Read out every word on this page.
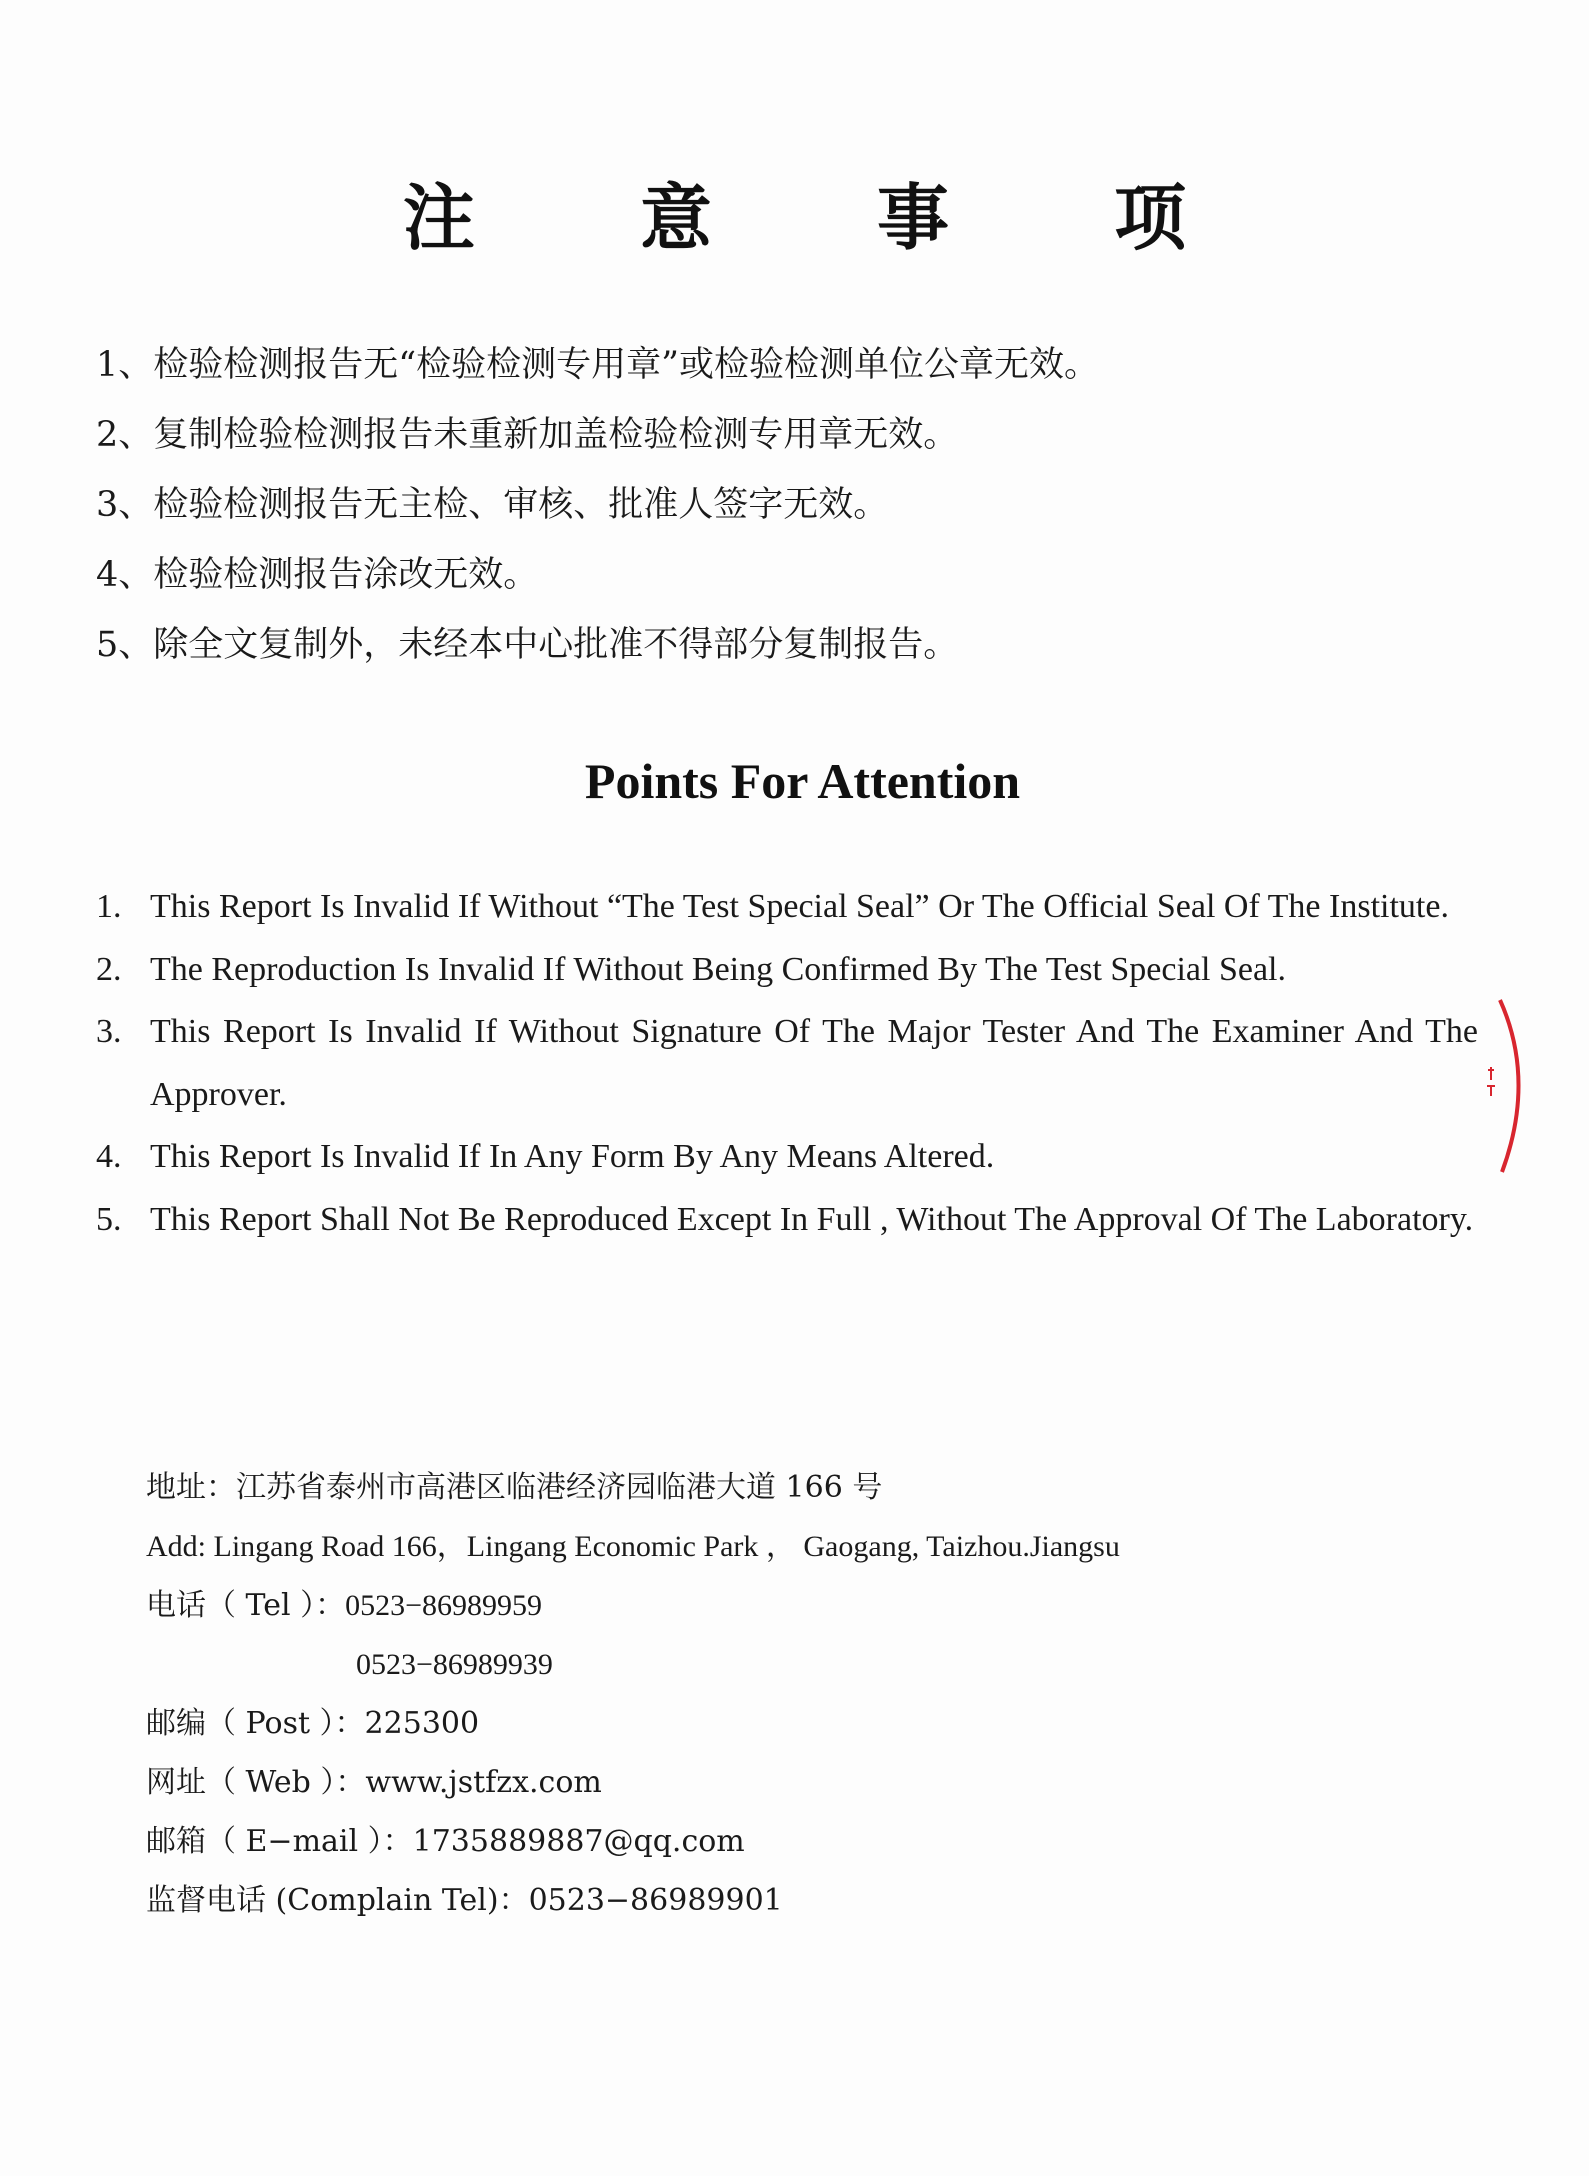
注 意 事 项
1、检验检测报告无“检验检测专用章”或检验检测单位公章无效。
2、复制检验检测报告未重新加盖检验检测专用章无效。
3、检验检测报告无主检、审核、批准人签字无效。
4、检验检测报告涂改无效。
5、除全文复制外，未经本中心批准不得部分复制报告。
Points For Attention
1. This Report Is Invalid If Without “The Test Special Seal” Or The Official Seal Of The Institute.
2. The Reproduction Is Invalid If Without Being Confirmed By The Test Special Seal.
3. This Report Is Invalid If Without Signature Of The Major Tester And The Examiner And The Approver.
4. This Report Is Invalid If In Any Form By Any Means Altered.
5. This Report Shall Not Be Reproduced Except In Full , Without The Approval Of The Laboratory.
地址：江苏省泰州市高港区临港经济园临港大道 166 号
Add: Lingang Road 166，Lingang Economic Park ， Gaogang, Taizhou.Jiangsu
电话（ Tel ）：0523−86989959
0523−86989939
邮编（ Post ）：225300
网址（ Web ）：www.jstfzx.com
邮箱（ E−mail ）：1735889887@qq.com
监督电话 (Complain Tel)：0523−86989901
